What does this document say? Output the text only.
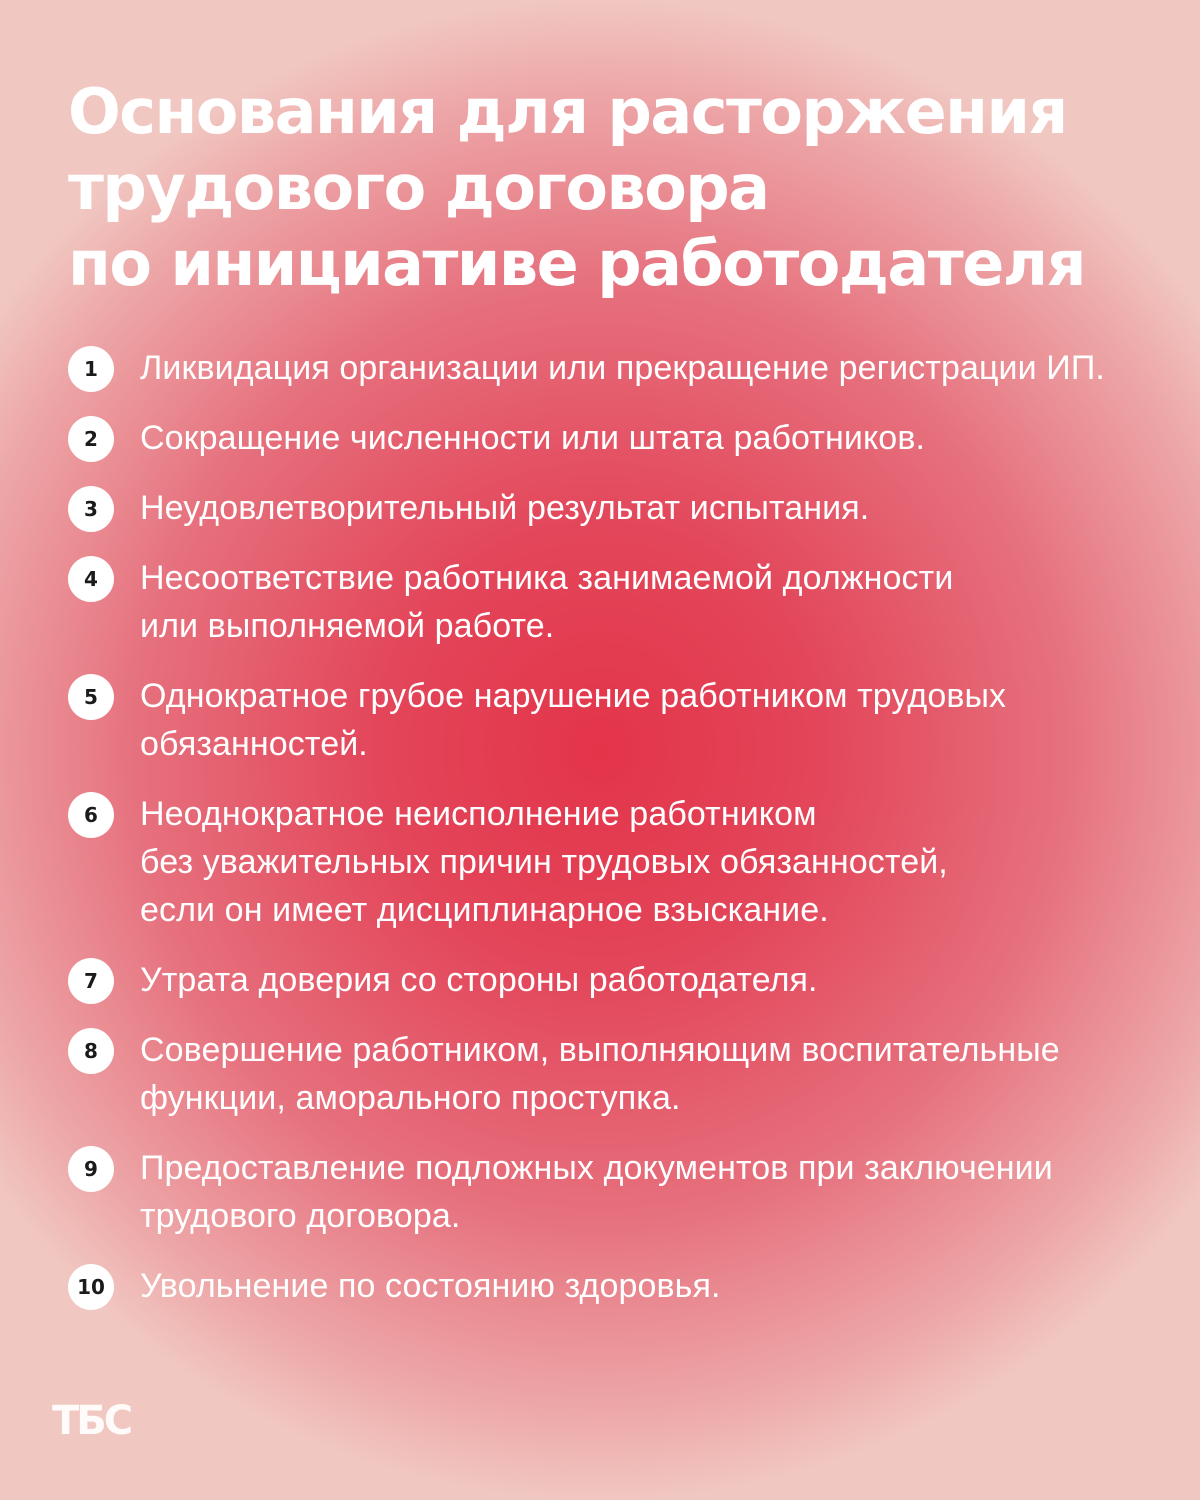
Основания для расторжения
трудового договора
по инициативе работодателя
1	Ликвидация организации или прекращение регистрации ИП.
2	Сокращение численности или штата работников.
3	Неудовлетворительный результат испытания.
4	Несоответствие работника занимаемой должности
или выполняемой работе.
5	Однократное грубое нарушение работником трудовых
обязанностей.
6	Неоднократное неисполнение работником
без уважительных причин трудовых обязанностей,
если он имеет дисциплинарное взыскание.
7	Утрата доверия со стороны работодателя.
8	Совершение работником, выполняющим воспитательные
функции, аморального проступка.
9	Предоставление подложных документов при заключении
трудового договора.
10 Увольнение по состоянию здоровья.
ТБС
